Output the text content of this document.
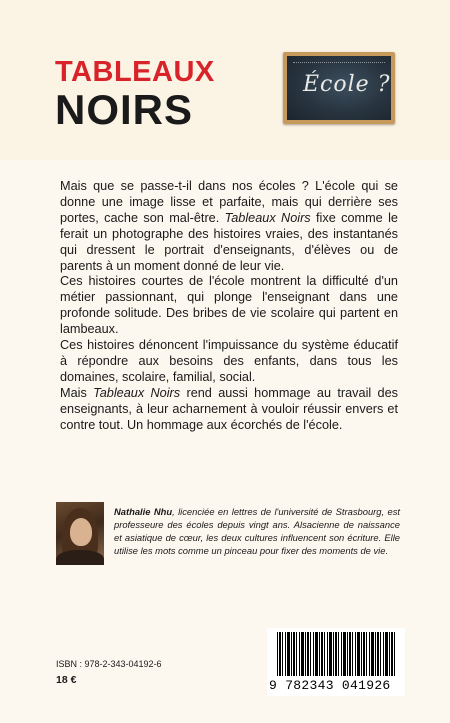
TABLEAUX
NOIRS
École ?

Mais que se passe-t-il dans nos écoles ? L'école qui se donne une image lisse et parfaite, mais qui derrière ses portes, cache son mal-être. Tableaux Noirs fixe comme le ferait un photographe des histoires vraies, des instantanés qui dressent le portrait d'enseignants, d'élèves ou de parents à un moment donné de leur vie.

Ces histoires courtes de l'école montrent la difficulté d'un métier passionnant, qui plonge l'enseignant dans une profonde solitude. Des bribes de vie scolaire qui partent en lambeaux.

Ces histoires dénoncent l'impuissance du système éducatif à répondre aux besoins des enfants, dans tous les domaines, scolaire, familial, social.

Mais Tableaux Noirs rend aussi hommage au travail des enseignants, à leur acharnement à vouloir réussir envers et contre tout. Un hommage aux écorchés de l'école.

Nathalie Nhu, licenciée en lettres de l'université de Strasbourg, est professeure des écoles depuis vingt ans. Alsacienne de naissance et asiatique de cœur, les deux cultures influencent son écriture. Elle utilise les mots comme un pinceau pour fixer des moments de vie.

ISBN : 978-2-343-04192-6
18 €	9 782343 041926
